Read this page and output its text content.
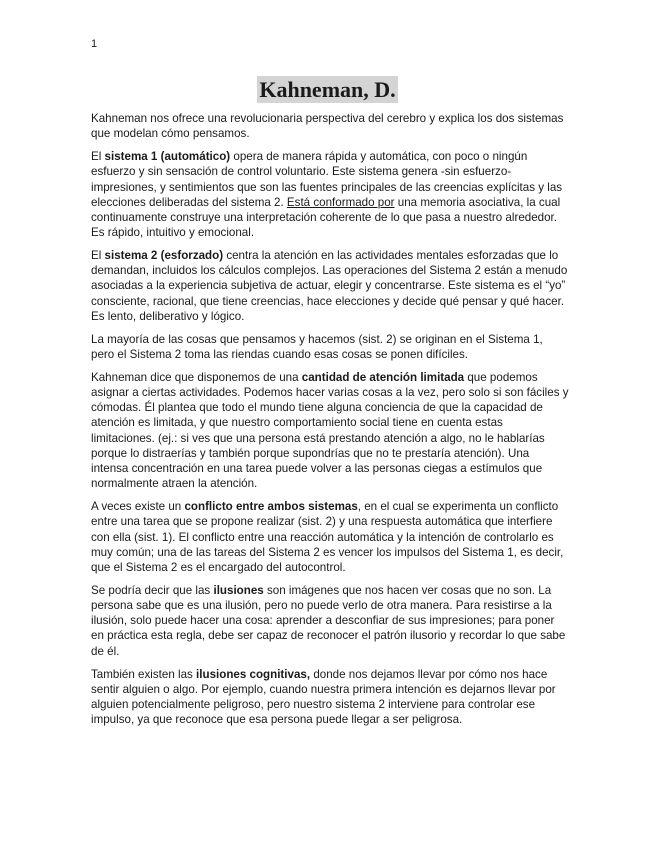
1
Kahneman, D.

Kahneman nos ofrece una revolucionaria perspectiva del cerebro y explica los dos sistemas que modelan cómo pensamos.

El sistema 1 (automático) opera de manera rápida y automática, con poco o ningún esfuerzo y sin sensación de control voluntario. Este sistema genera -sin esfuerzo- impresiones, y sentimientos que son las fuentes principales de las creencias explícitas y las elecciones deliberadas del sistema 2. Está conformado por una memoria asociativa, la cual continuamente construye una interpretación coherente de lo que pasa a nuestro alrededor. Es rápido, intuitivo y emocional.

El sistema 2 (esforzado) centra la atención en las actividades mentales esforzadas que lo demandan, incluidos los cálculos complejos. Las operaciones del Sistema 2 están a menudo asociadas a la experiencia subjetiva de actuar, elegir y concentrarse. Este sistema es el “yo” consciente, racional, que tiene creencias, hace elecciones y decide qué pensar y qué hacer. Es lento, deliberativo y lógico.

La mayoría de las cosas que pensamos y hacemos (sist. 2) se originan en el Sistema 1, pero el Sistema 2 toma las riendas cuando esas cosas se ponen difíciles.

Kahneman dice que disponemos de una cantidad de atención limitada que podemos asignar a ciertas actividades. Podemos hacer varias cosas a la vez, pero solo si son fáciles y cómodas. Él plantea que todo el mundo tiene alguna conciencia de que la capacidad de atención es limitada, y que nuestro comportamiento social tiene en cuenta estas limitaciones. (ej.: si ves que una persona está prestando atención a algo, no le hablarías porque lo distraerías y también porque supondrías que no te prestaría atención). Una intensa concentración en una tarea puede volver a las personas ciegas a estímulos que normalmente atraen la atención.

A veces existe un conflicto entre ambos sistemas, en el cual se experimenta un conflicto entre una tarea que se propone realizar (sist. 2) y una respuesta automática que interfiere con ella (sist. 1). El conflicto entre una reacción automática y la intención de controlarlo es muy común; una de las tareas del Sistema 2 es vencer los impulsos del Sistema 1, es decir, que el Sistema 2 es el encargado del autocontrol.

Se podría decir que las ilusiones son imágenes que nos hacen ver cosas que no son. La persona sabe que es una ilusión, pero no puede verlo de otra manera. Para resistirse a la ilusión, solo puede hacer una cosa: aprender a desconfiar de sus impresiones; para poner en práctica esta regla, debe ser capaz de reconocer el patrón ilusorio y recordar lo que sabe de él.

También existen las ilusiones cognitivas, donde nos dejamos llevar por cómo nos hace sentir alguien o algo. Por ejemplo, cuando nuestra primera intención es dejarnos llevar por alguien potencialmente peligroso, pero nuestro sistema 2 interviene para controlar ese impulso, ya que reconoce que esa persona puede llegar a ser peligrosa.
